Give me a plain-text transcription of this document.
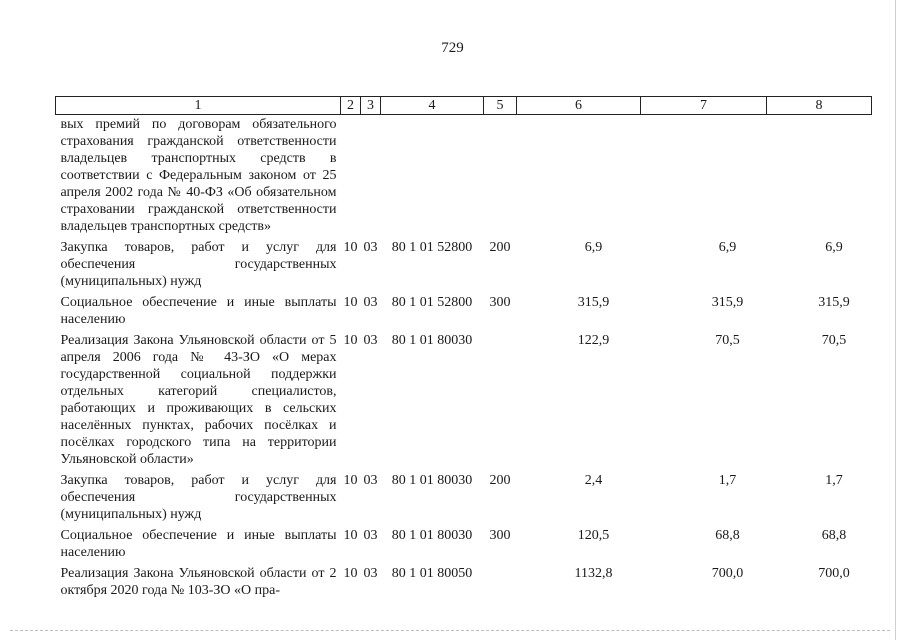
729
1	2	3	4	5	6	7	8
вых премий по договорам обязательного страхования гражданской ответственности владельцев транспортных средств в соответствии с Федеральным законом от 25 апреля 2002 года № 40-ФЗ «Об обязательном страховании гражданской ответственности владельцев транспортных средств»							
Закупка товаров, работ и услуг для обеспечения государственных (муниципальных) нужд	10	03	80 1 01 52800	200	6,9	6,9	6,9
Социальное обеспечение и иные выплаты населению	10	03	80 1 01 52800	300	315,9	315,9	315,9
Реализация Закона Ульяновской области от 5 апреля 2006 года № 43-ЗО «О мерах государственной социальной поддержки отдельных категорий специалистов, работающих и проживающих в сельских населённых пунктах, рабочих посёлках и посёлках городского типа на территории Ульяновской области»	10	03	80 1 01 80030		122,9	70,5	70,5
Закупка товаров, работ и услуг для обеспечения государственных (муниципальных) нужд	10	03	80 1 01 80030	200	2,4	1,7	1,7
Социальное обеспечение и иные выплаты населению	10	03	80 1 01 80030	300	120,5	68,8	68,8
Реализация Закона Ульяновской области от 2 октября 2020 года № 103-ЗО «О пра-	10	03	80 1 01 80050		1132,8	700,0	700,0
